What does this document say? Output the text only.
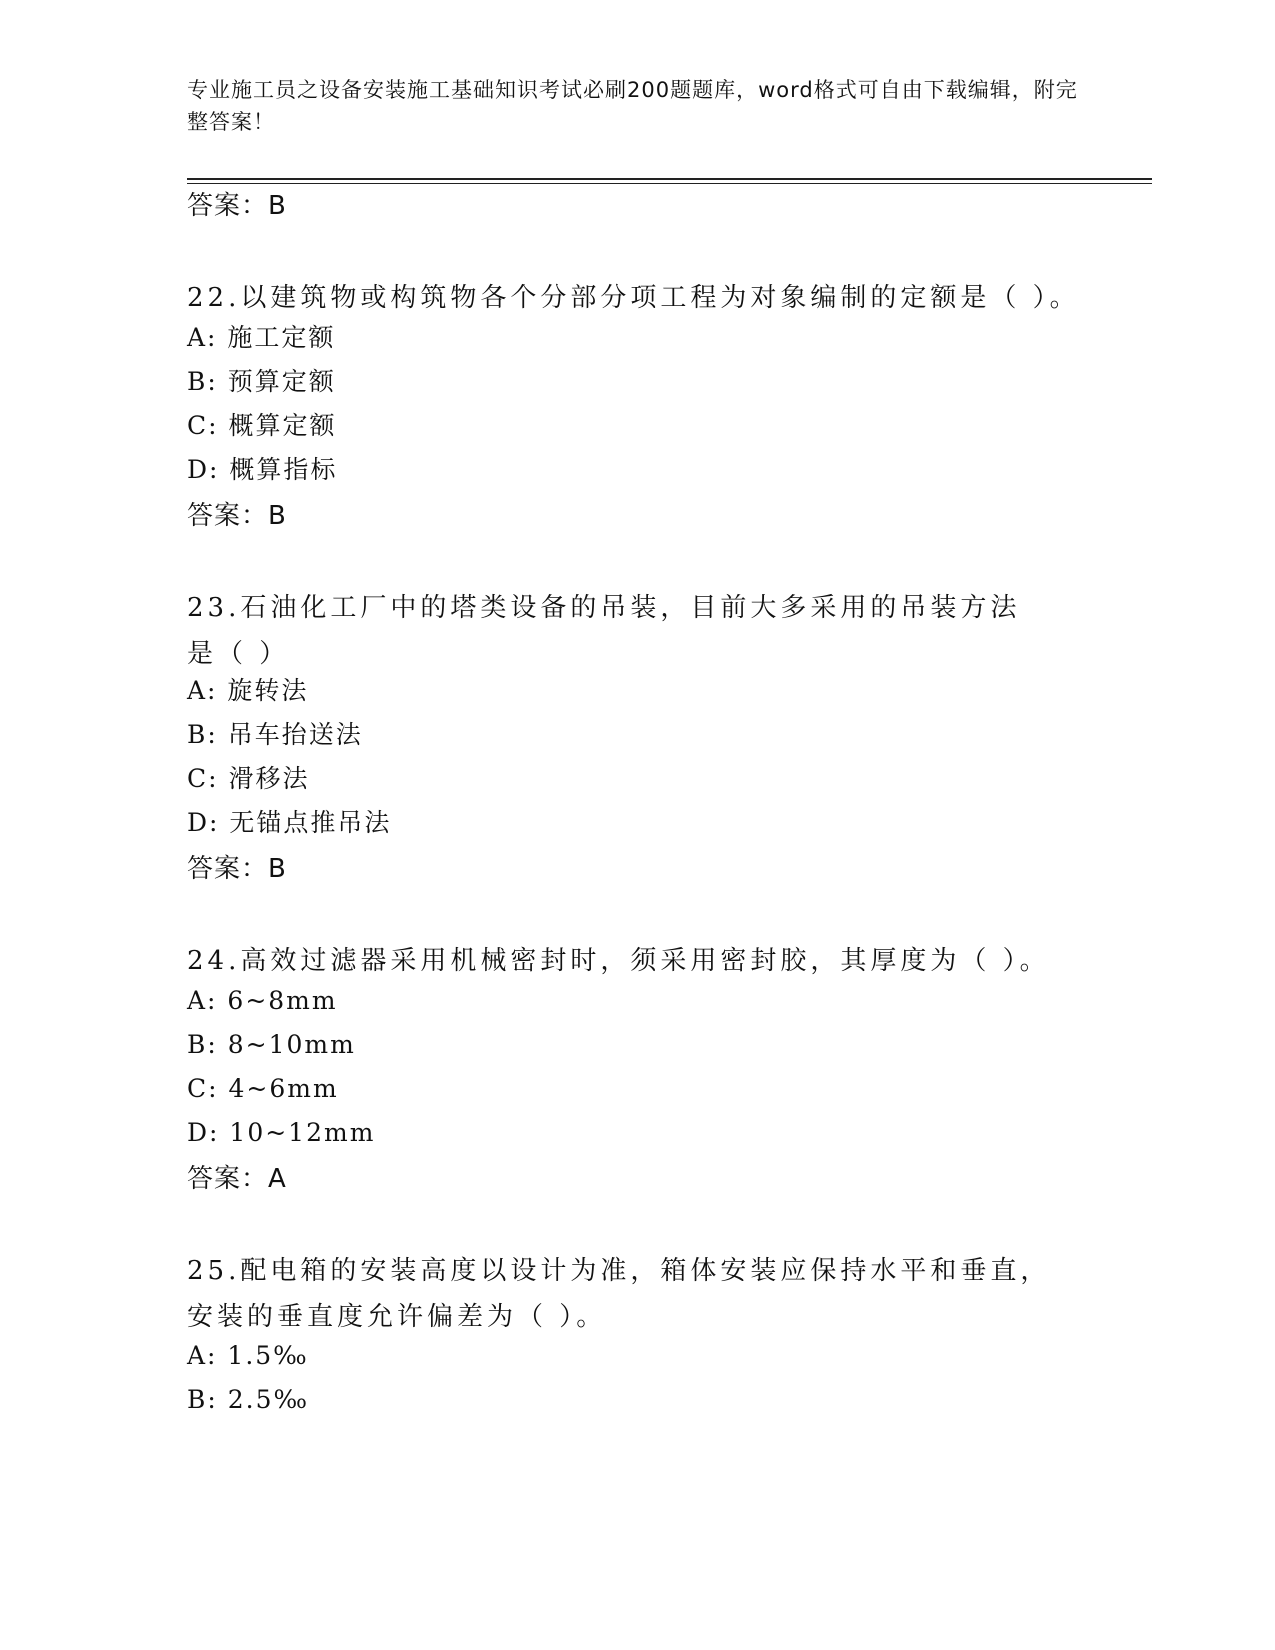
专业施工员之设备安装施工基础知识考试必刷200题题库，word格式可自由下载编辑，附完整答案！
答案：B
22.以建筑物或构筑物各个分部分项工程为对象编制的定额是（ ）。
A: 施工定额
B: 预算定额
C: 概算定额
D: 概算指标
答案：B
23.石油化工厂中的塔类设备的吊装，目前大多采用的吊装方法是（ ）
A: 旋转法
B: 吊车抬送法
C: 滑移法
D: 无锚点推吊法
答案：B
24.高效过滤器采用机械密封时，须采用密封胶，其厚度为（ ）。
A: 6~8mm
B: 8~10mm
C: 4~6mm
D: 10~12mm
答案：A
25.配电箱的安装高度以设计为准，箱体安装应保持水平和垂直，安装的垂直度允许偏差为（ ）。
A: 1.5‰
B: 2.5‰
